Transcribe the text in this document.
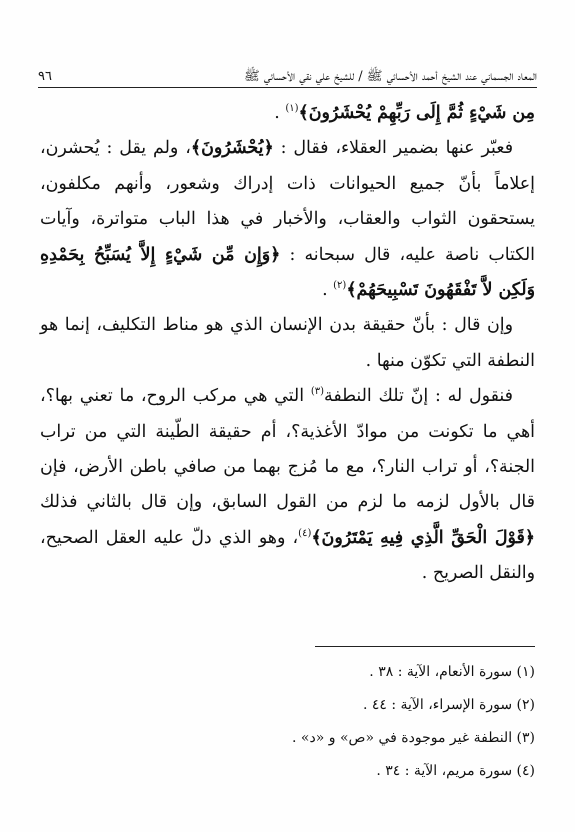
المعاد الجسماني عند الشيخ أحمد الأحسائي ﷺ / للشيخ علي نقي الأحسائي ﷺ
٩٦

مِن شَيْءٍ ثُمَّ إِلَى رَبِّهِمْ يُحْشَرُونَ﴾$^{(١)}$ .

فعبّر عنها بضمير العقلاء، فقال : ﴿يُحْشَرُونَ﴾، ولم يقل : يُحشرن، إعلاماً بأنّ جميع الحيوانات ذات إدراك وشعور، وأنهم مكلفون، يستحقون الثواب والعقاب، والأخبار في هذا الباب متواترة، وآيات الكتاب ناصة عليه، قال سبحانه : ﴿وَإِن مِّن شَيْءٍ إِلاَّ يُسَبِّحُ بِحَمْدِهِ وَلَكِن لاَّ تَفْقَهُونَ تَسْبِيحَهُمْ﴾$^{(٢)}$ .

وإن قال : بأنّ حقيقة بدن الإنسان الذي هو مناط التكليف، إنما هو النطفة التي تكوّن منها .

فنقول له : إنّ تلك النطفة$^{(٣)}$ التي هي مركب الروح، ما تعني بها؟، أهي ما تكونت من موادّ الأغذية؟، أم حقيقة الطّينة التي من تراب الجنة؟، أو تراب النار؟، مع ما مُزج بهما من صافي باطن الأرض، فإن قال بالأول لزمه ما لزم من القول السابق، وإن قال بالثاني فذلك ﴿قَوْلَ الْحَقِّ الَّذِي فِيهِ يَمْتَرُونَ﴾$^{(٤)}$، وهو الذي دلّ عليه العقل الصحيح، والنقل الصريح .

(١) سورة الأنعام، الآية : ٣٨ .
(٢) سورة الإسراء، الآية : ٤٤ .
(٣) النطفة غير موجودة في «ص» و «د» .
(٤) سورة مريم، الآية : ٣٤ .
